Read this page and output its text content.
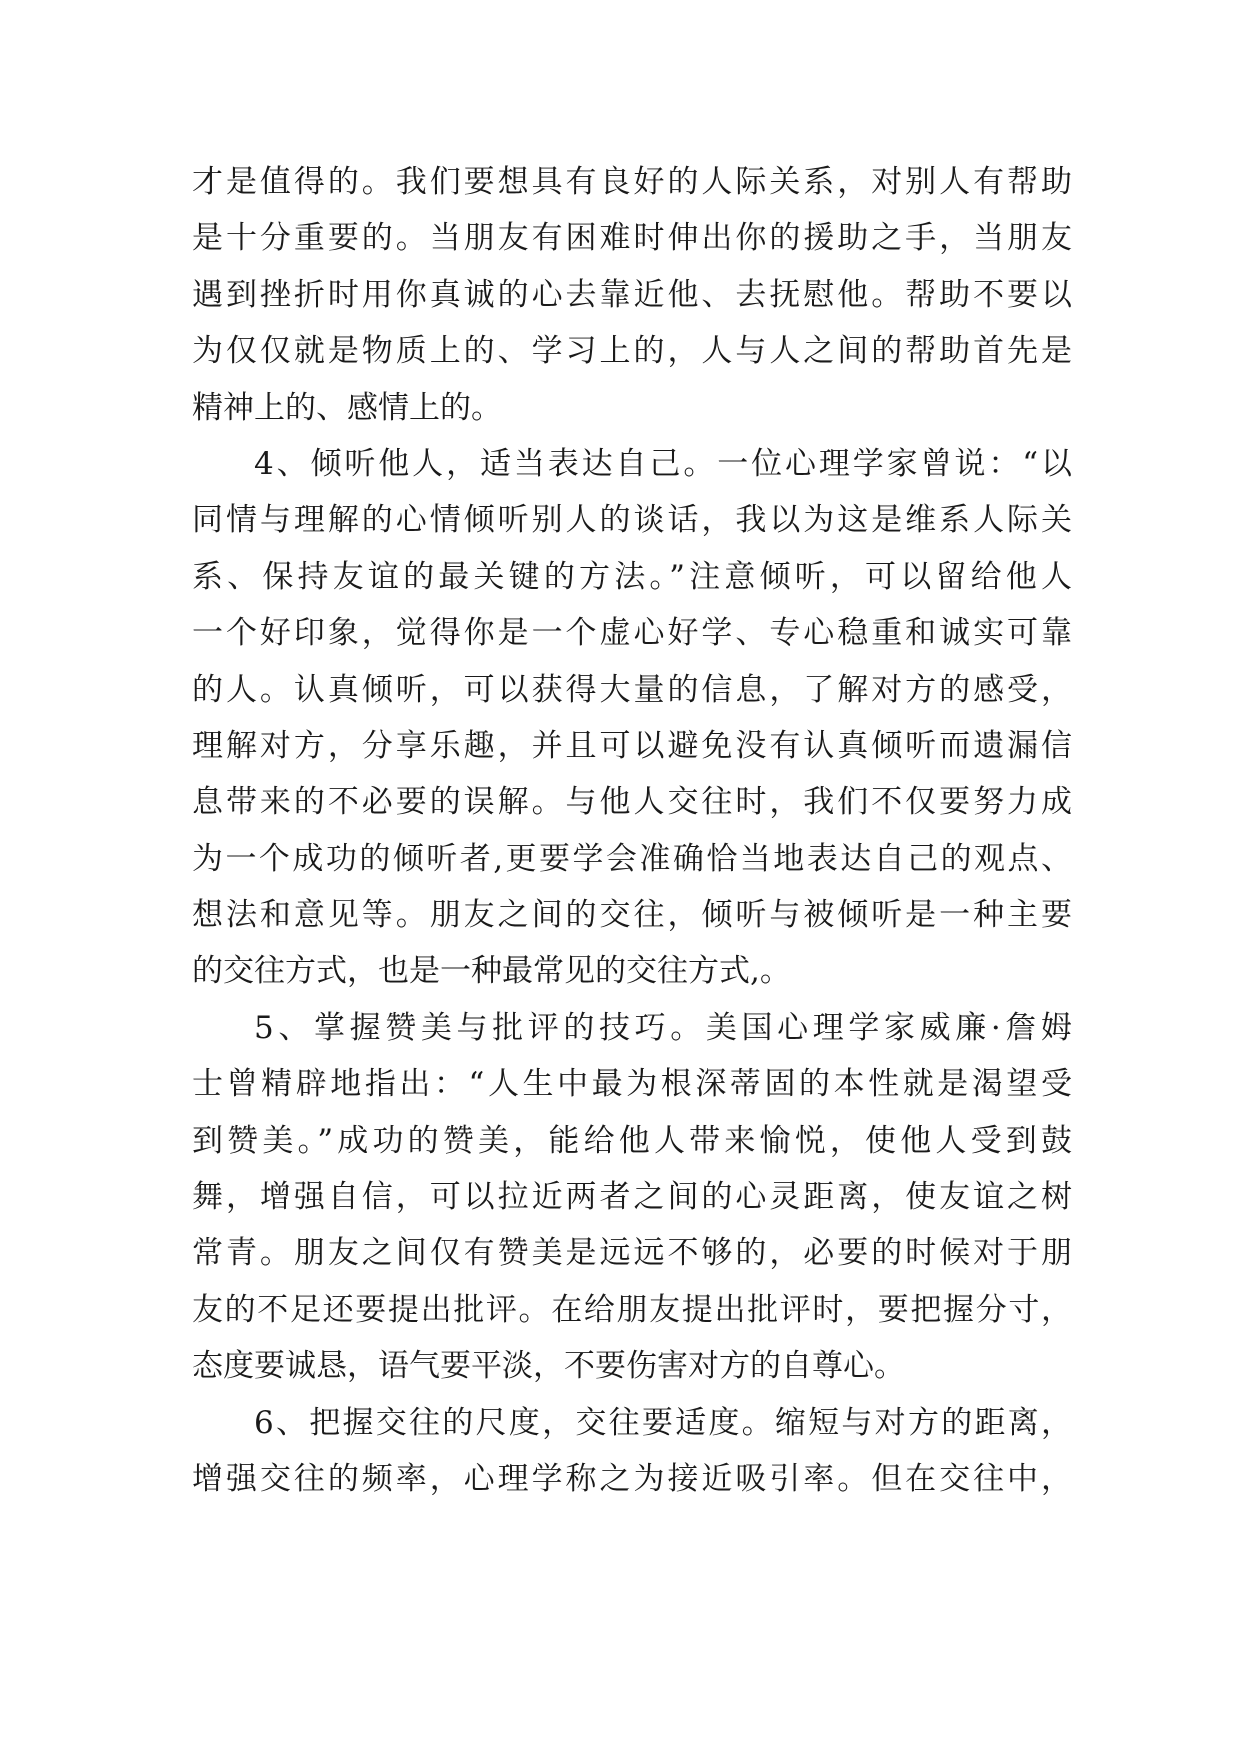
才是值得的。我们要想具有良好的人际关系，对别人有帮助
是十分重要的。当朋友有困难时伸出你的援助之手，当朋友
遇到挫折时用你真诚的心去靠近他、去抚慰他。帮助不要以
为仅仅就是物质上的、学习上的，人与人之间的帮助首先是
精神上的、感情上的。
4、倾听他人，适当表达自己。一位心理学家曾说：“以
同情与理解的心情倾听别人的谈话，我以为这是维系人际关
系、保持友谊的最关键的方法。”注意倾听，可以留给他人
一个好印象，觉得你是一个虚心好学、专心稳重和诚实可靠
的人。认真倾听，可以获得大量的信息，了解对方的感受，
理解对方，分享乐趣，并且可以避免没有认真倾听而遗漏信
息带来的不必要的误解。与他人交往时，我们不仅要努力成
为一个成功的倾听者,更要学会准确恰当地表达自己的观点、
想法和意见等。朋友之间的交往，倾听与被倾听是一种主要
的交往方式，也是一种最常见的交往方式,。
5、掌握赞美与批评的技巧。美国心理学家威廉·詹姆
士曾精辟地指出：“人生中最为根深蒂固的本性就是渴望受
到赞美。”成功的赞美，能给他人带来愉悦，使他人受到鼓
舞，增强自信，可以拉近两者之间的心灵距离，使友谊之树
常青。朋友之间仅有赞美是远远不够的，必要的时候对于朋
友的不足还要提出批评。在给朋友提出批评时，要把握分寸，
态度要诚恳，语气要平淡，不要伤害对方的自尊心。
6、把握交往的尺度，交往要适度。缩短与对方的距离，
增强交往的频率，心理学称之为接近吸引率。但在交往中，
